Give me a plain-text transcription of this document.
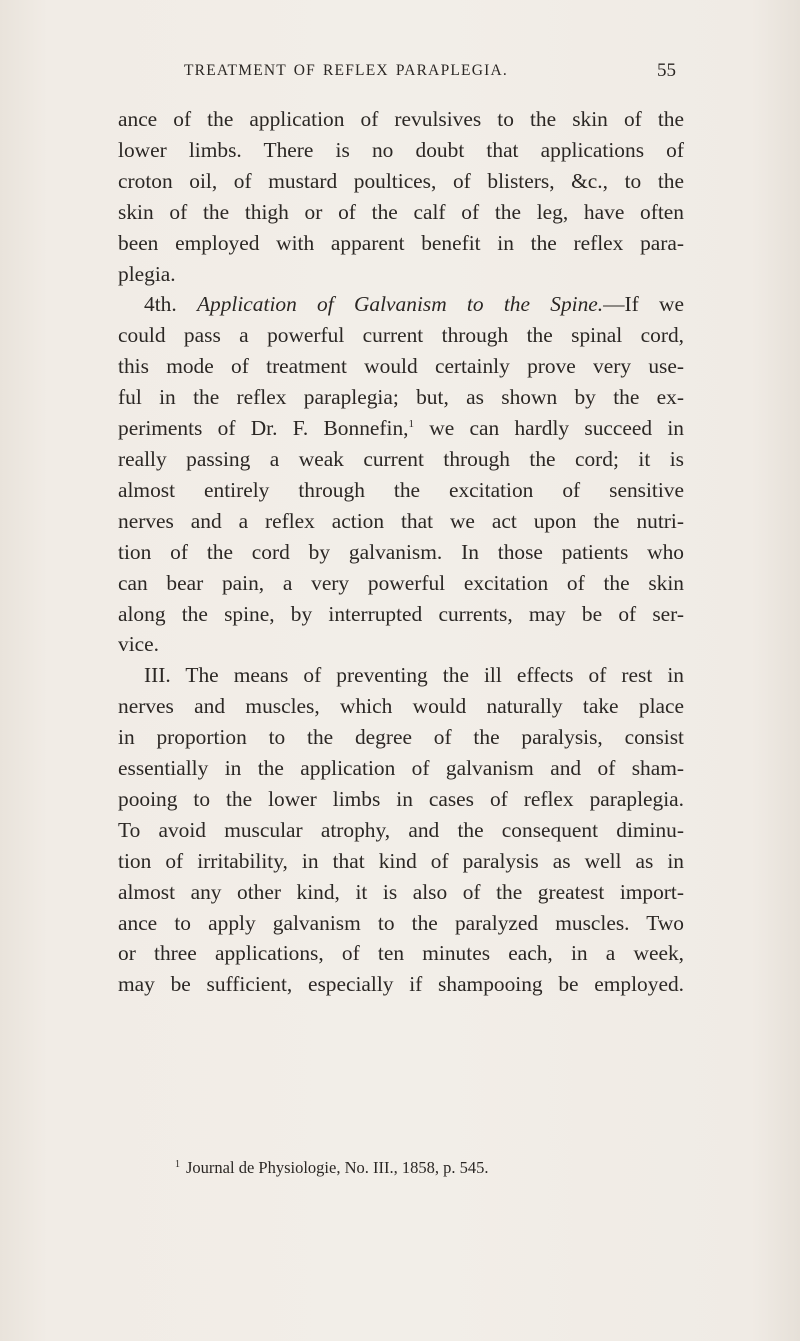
TREATMENT OF REFLEX PARAPLEGIA.	55
ance of the application of revulsives to the skin of the
lower limbs. There is no doubt that applications of
croton oil, of mustard poultices, of blisters, &c., to the
skin of the thigh or of the calf of the leg, have often
been employed with apparent benefit in the reflex para-
plegia.
4th. Application of Galvanism to the Spine.—If we
could pass a powerful current through the spinal cord,
this mode of treatment would certainly prove very use-
ful in the reflex paraplegia; but, as shown by the ex-
periments of Dr. F. Bonnefin,$^1$ we can hardly succeed in
really passing a weak current through the cord; it is
almost entirely through the excitation of sensitive
nerves and a reflex action that we act upon the nutri-
tion of the cord by galvanism. In those patients who
can bear pain, a very powerful excitation of the skin
along the spine, by interrupted currents, may be of ser-
vice.
III. The means of preventing the ill effects of rest in
nerves and muscles, which would naturally take place
in proportion to the degree of the paralysis, consist
essentially in the application of galvanism and of sham-
pooing to the lower limbs in cases of reflex paraplegia.
To avoid muscular atrophy, and the consequent diminu-
tion of irritability, in that kind of paralysis as well as in
almost any other kind, it is also of the greatest import-
ance to apply galvanism to the paralyzed muscles. Two
or three applications, of ten minutes each, in a week,
may be sufficient, especially if shampooing be employed.
$^1$ Journal de Physiologie, No. III., 1858, p. 545.
